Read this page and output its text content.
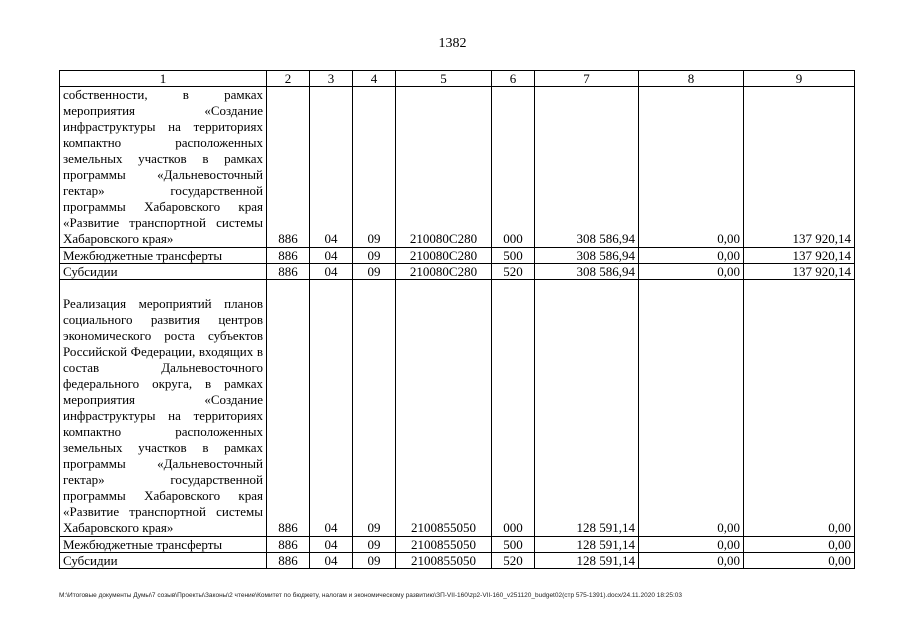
1382
1	2	3	4	5	6	7	8	9
собственности, в рамках мероприятия «Создание инфраструктуры на территориях компактно расположенных земельных участков в рамках программы «Дальневосточный гектар» государственной программы Хабаровского края «Развитие транспортной системы Хабаровского края»	886	04	09	210080С280	000	308 586,94	0,00	137 920,14
Межбюджетные трансферты	886	04	09	210080С280	500	308 586,94	0,00	137 920,14
Субсидии	886	04	09	210080С280	520	308 586,94	0,00	137 920,14
Реализация мероприятий планов социального развития центров экономического роста субъектов Российской Федерации, входящих в состав Дальневосточного федерального округа, в рамках мероприятия «Создание инфраструктуры на территориях компактно расположенных земельных участков в рамках программы «Дальневосточный гектар» государственной программы Хабаровского края «Развитие транспортной системы Хабаровского края»	886	04	09	2100855050	000	128 591,14	0,00	0,00
Межбюджетные трансферты	886	04	09	2100855050	500	128 591,14	0,00	0,00
Субсидии	886	04	09	2100855050	520	128 591,14	0,00	0,00
M:\Итоговые документы Думы\7 созыв\Проекты\Законы\2 чтение\Комитет по бюджету, налогам и экономическому развитию\ЗП-VII-160\zp2-VII-160_v251120_budget02(стр 575-1391).docx/24.11.2020 18:25:03
